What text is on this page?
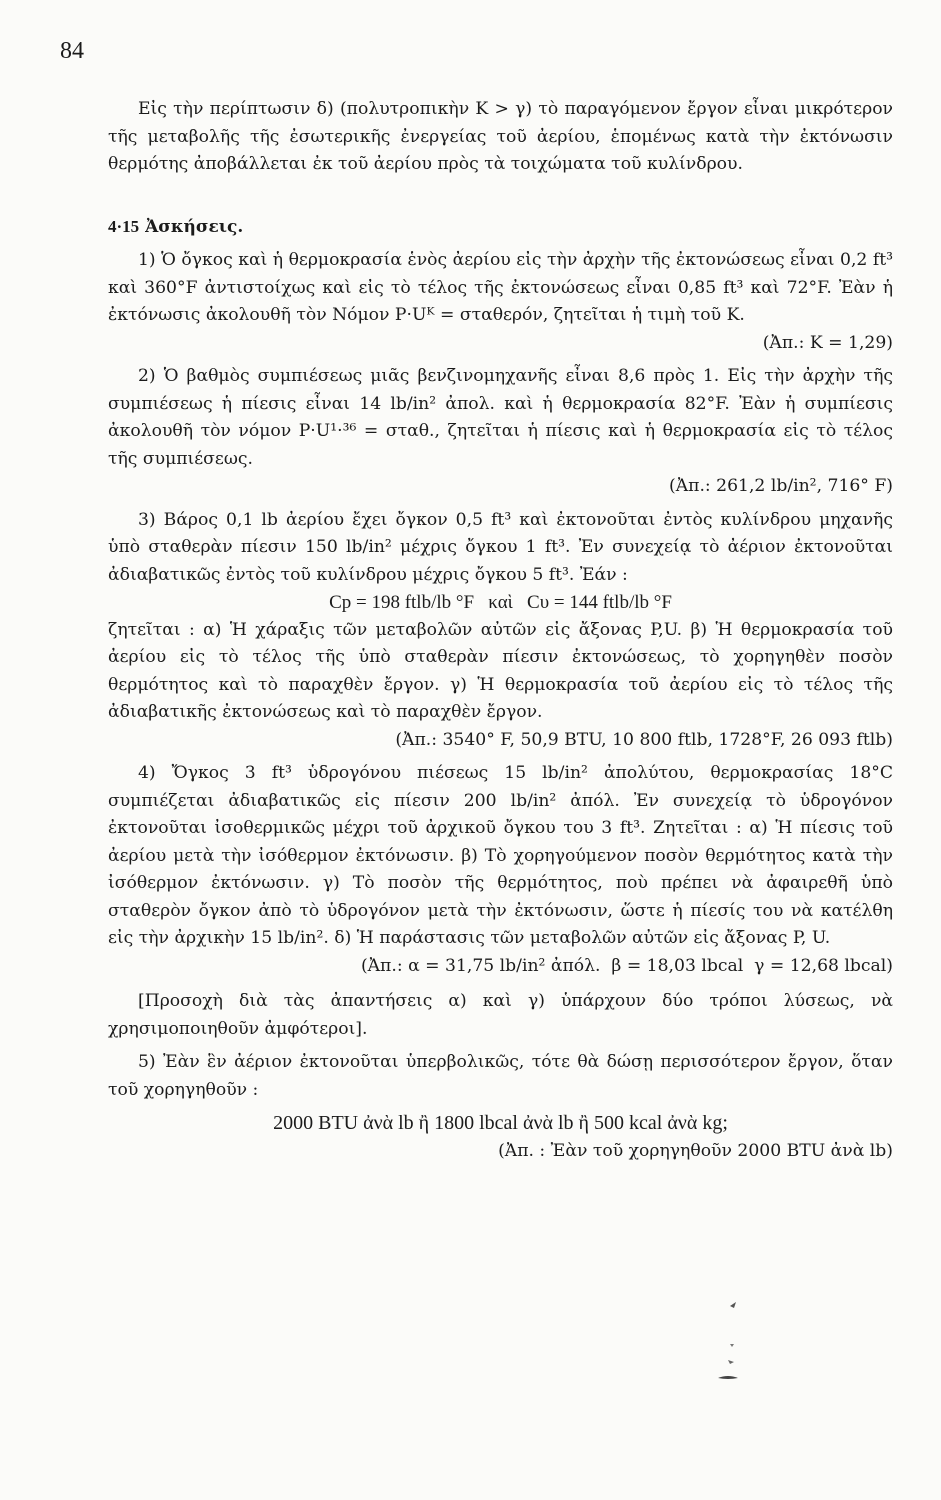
84

Εἰς τὴν περίπτωσιν δ) (πολυτροπικὴν Κ > γ) τὸ παραγόμενον ἔργον εἶναι μικρότερον τῆς μεταβολῆς τῆς ἐσωτερικῆς ἐνεργείας τοῦ ἀερίου, ἑπομένως κατὰ τὴν ἐκτόνωσιν θερμότης ἀποβάλλεται ἐκ τοῦ ἀερίου πρὸς τὰ τοιχώματα τοῦ κυλίνδρου.

4·15 Ἀσκήσεις.

1) Ὁ ὄγκος καὶ ἡ θερμοκρασία ἑνὸς ἀερίου εἰς τὴν ἀρχὴν τῆς ἐκτονώσεως εἶναι 0,2 ft³ καὶ 360°F ἀντιστοίχως καὶ εἰς τὸ τέλος τῆς ἐκτονώσεως εἶναι 0,85 ft³ καὶ 72°F. Ἐὰν ἡ ἐκτόνωσις ἀκολουθῆ τὸν Νόμον P·Uᴷ = σταθερόν, ζητεῖται ἡ τιμὴ τοῦ Κ.

(Ἀπ.: Κ = 1,29)

2) Ὁ βαθμὸς συμπιέσεως μιᾶς βενζινομηχανῆς εἶναι 8,6 πρὸς 1. Εἰς τὴν ἀρχὴν τῆς συμπιέσεως ἡ πίεσις εἶναι 14 lb/in² ἀπολ. καὶ ἡ θερμοκρασία 82°F. Ἐὰν ἡ συμπίεσις ἀκολουθῆ τὸν νόμον P·U¹·³⁶ = σταθ., ζητεῖται ἡ πίεσις καὶ ἡ θερμοκρασία εἰς τὸ τέλος τῆς συμπιέσεως.

(Ἀπ.: 261,2 lb/in², 716° F)

3) Βάρος 0,1 lb ἀερίου ἔχει ὄγκον 0,5 ft³ καὶ ἐκτονοῦται ἐντὸς κυλίνδρου μηχανῆς ὑπὸ σταθερὰν πίεσιν 150 lb/in² μέχρις ὄγκου 1 ft³. Ἐν συνεχείᾳ τὸ ἀέριον ἐκτονοῦται ἀδιαβατικῶς ἐντὸς τοῦ κυλίνδρου μέχρις ὄγκου 5 ft³. Ἐάν :

Cp = 198 ftlb/lb °F   καὶ   Cυ = 144 ftlb/lb °F

ζητεῖται : α) Ἡ χάραξις τῶν μεταβολῶν αὐτῶν εἰς ἄξονας P,U. β) Ἡ θερμοκρασία τοῦ ἀερίου εἰς τὸ τέλος τῆς ὑπὸ σταθερὰν πίεσιν ἐκτονώσεως, τὸ χορηγηθὲν ποσὸν θερμότητος καὶ τὸ παραχθὲν ἔργον. γ) Ἡ θερμοκρασία τοῦ ἀερίου εἰς τὸ τέλος τῆς ἀδιαβατικῆς ἐκτονώσεως καὶ τὸ παραχθὲν ἔργον.

(Ἀπ.: 3540° F, 50,9 BTU, 10 800 ftlb, 1728°F, 26 093 ftlb)

4) Ὄγκος 3 ft³ ὑδρογόνου πιέσεως 15 lb/in² ἀπολύτου, θερμοκρασίας 18°C συμπιέζεται ἀδιαβατικῶς εἰς πίεσιν 200 lb/in² ἀπόλ. Ἐν συνεχείᾳ τὸ ὑδρογόνον ἐκτονοῦται ἰσοθερμικῶς μέχρι τοῦ ἀρχικοῦ ὄγκου του 3 ft³. Ζητεῖται : α) Ἡ πίεσις τοῦ ἀερίου μετὰ τὴν ἰσόθερμον ἐκτόνωσιν. β) Τὸ χορηγούμενον ποσὸν θερμότητος κατὰ τὴν ἰσόθερμον ἐκτόνωσιν. γ) Τὸ ποσὸν τῆς θερμότητος, ποὺ πρέπει νὰ ἀφαιρεθῆ ὑπὸ σταθερὸν ὄγκον ἀπὸ τὸ ὑδρογόνον μετὰ τὴν ἐκτόνωσιν, ὥστε ἡ πίεσίς του νὰ κατέλθη εἰς τὴν ἀρχικὴν 15 lb/in². δ) Ἡ παράστασις τῶν μεταβολῶν αὐτῶν εἰς ἄξονας P, U.

(Ἀπ.: α = 31,75 lb/in² ἀπόλ.  β = 18,03 lbcal  γ = 12,68 lbcal)

[Προσοχὴ διὰ τὰς ἀπαντήσεις α) καὶ γ) ὑπάρχουν δύο τρόποι λύσεως, νὰ χρησιμοποιηθοῦν ἀμφότεροι].

5) Ἐὰν ἓν ἀέριον ἐκτονοῦται ὑπερβολικῶς, τότε θὰ δώσῃ περισσότερον ἔργον, ὅταν τοῦ χορηγηθοῦν :

2000 BTU ἀνὰ lb ἢ 1800 lbcal ἀνὰ lb ἢ 500 kcal ἀνὰ kg;

(Ἀπ. : Ἐὰν τοῦ χορηγηθοῦν 2000 BTU ἀνὰ lb)
